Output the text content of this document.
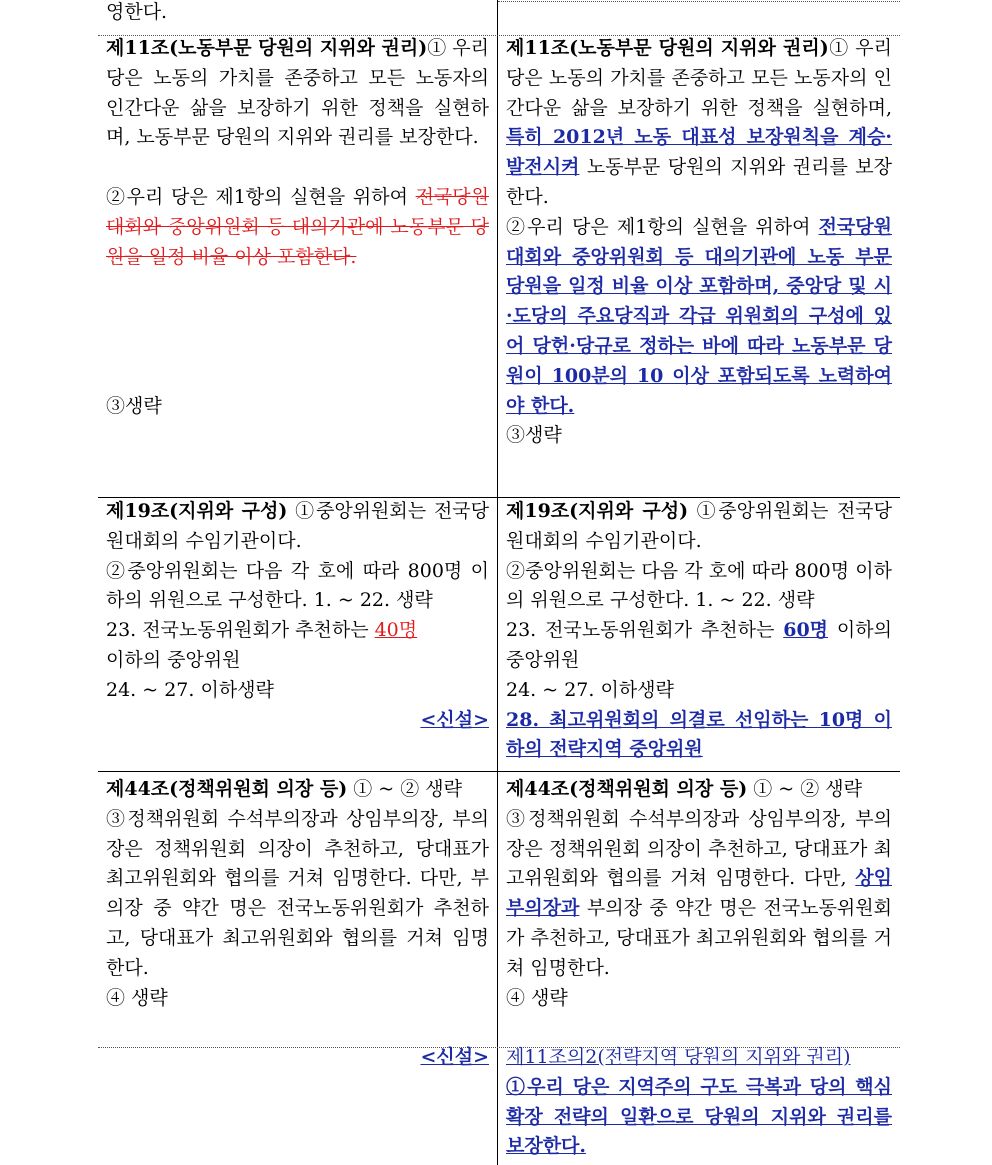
영한다.

제11조(노동부문 당원의 지위와 권리)① 우리 당은 노동의 가치를 존중하고 모든 노동자의 인간다운 삶을 보장하기 위한 정책을 실현하며, 노동부문 당원의 지위와 권리를 보장한다.

②우리 당은 제1항의 실현을 위하여 전국당원대회와 중앙위원회 등 대의기관에 노동부문 당원을 일정 비율 이상 포함한다.

③생략

제11조(노동부문 당원의 지위와 권리)① 우리 당은 노동의 가치를 존중하고 모든 노동자의 인간다운 삶을 보장하기 위한 정책을 실현하며, 특히 2012년 노동 대표성 보장원칙을 계승·발전시켜 노동부문 당원의 지위와 권리를 보장 한다.

②우리 당은 제1항의 실현을 위하여 전국당원대회와 중앙위원회 등 대의기관에 노동 부문 당원을 일정 비율 이상 포함하며, 중앙당 및 시·도당의 주요당직과 각급 위원회의 구성에 있어 당헌·당규로 정하는 바에 따라 노동부문 당원이 100분의 10 이상 포함되도록 노력하여야 한다.

③생략

제19조(지위와 구성) ①중앙위원회는 전국당원대회의 수임기관이다.

②중앙위원회는 다음 각 호에 따라 800명 이하의 위원으로 구성한다. 1. ~ 22. 생략

23. 전국노동위원회가 추천하는 40명
이하의 중앙위원

24. ~ 27. 이하생략

<신설>

제19조(지위와 구성) ①중앙위원회는 전국당원대회의 수임기관이다.

②중앙위원회는 다음 각 호에 따라 800명 이하의 위원으로 구성한다. 1. ~ 22. 생략

23. 전국노동위원회가 추천하는 60명 이하의 중앙위원

24. ~ 27. 이하생략

28. 최고위원회의 의결로 선임하는 10명 이하의 전략지역 중앙위원

제44조(정책위원회 의장 등) ① ~ ② 생략

③정책위원회 수석부의장과 상임부의장, 부의장은 정책위원회 의장이 추천하고, 당대표가 최고위원회와 협의를 거쳐 임명한다. 다만, 부의장 중 약간 명은 전국노동위원회가 추천하고, 당대표가 최고위원회와 협의를 거쳐 임명한다.

④ 생략

제44조(정책위원회 의장 등) ① ~ ② 생략

③정책위원회 수석부의장과 상임부의장, 부의장은 정책위원회 의장이 추천하고, 당대표가 최고위원회와 협의를 거쳐 임명한다. 다만, 상임부의장과 부의장 중 약간 명은 전국노동위원회가 추천하고, 당대표가 최고위원회와 협의를 거쳐 임명한다.

④ 생략

<신설> 제11조의2(전략지역 당원의 지위와 권리)

①우리 당은 지역주의 구도 극복과 당의 핵심 확장 전략의 일환으로 당원의 지위와 권리를 보장한다.
